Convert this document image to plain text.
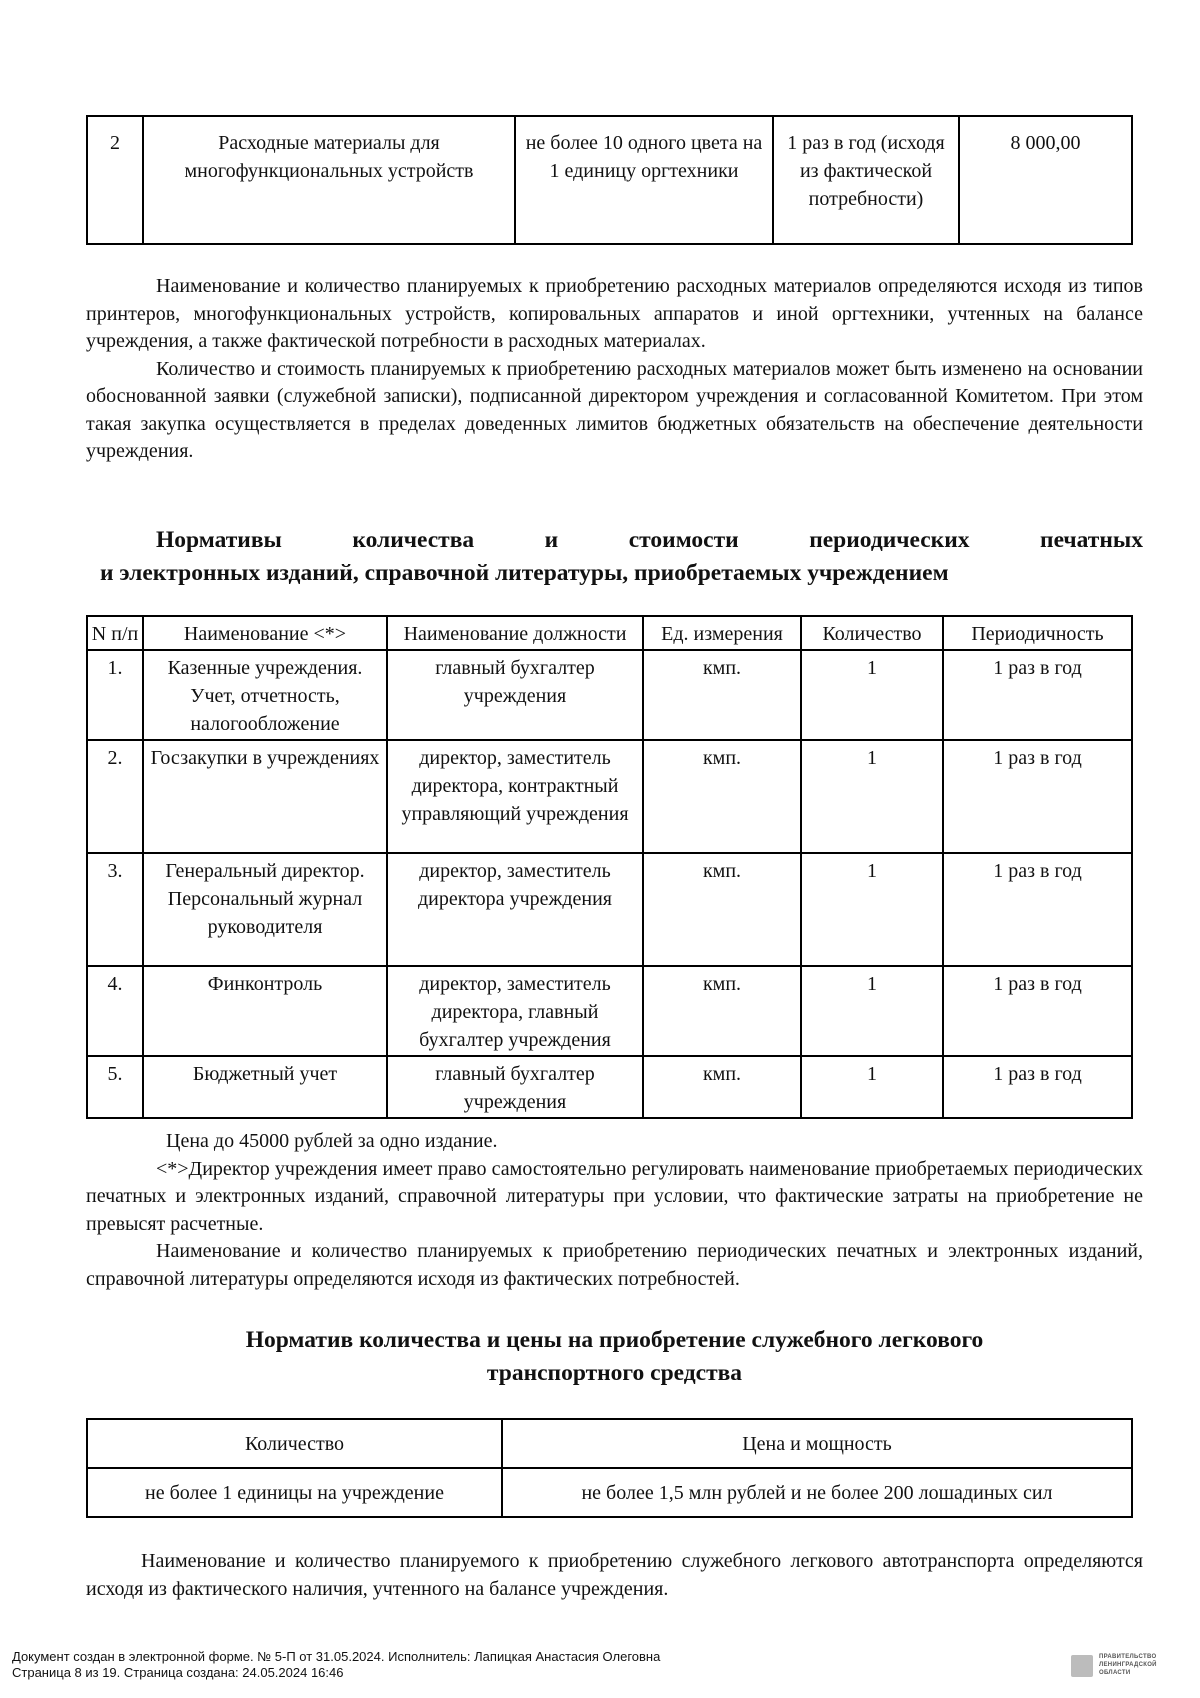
2	Расходные материалы для многофункциональных устройств	не более 10 одного цвета на 1 единицу оргтехники	1 раз в год (исходя из фактической потребности)	8 000,00

Наименование и количество планируемых к приобретению расходных материалов определяются исходя из типов принтеров, многофункциональных устройств, копировальных аппаратов и иной оргтехники, учтенных на балансе учреждения, а также фактической потребности в расходных материалах.

Количество и стоимость планируемых к приобретению расходных материалов может быть изменено на основании обоснованной заявки (служебной записки), подписанной директором учреждения и согласованной Комитетом. При этом такая закупка осуществляется в пределах доведенных лимитов бюджетных обязательств на обеспечение деятельности учреждения.

Нормативы количества и стоимости периодических печатных
и электронных изданий, справочной литературы, приобретаемых учреждением
N п/п	Наименование <*>	Наименование должности	Ед. измерения	Количество	Периодичность
1.	Казенные учреждения. Учет, отчетность, налогообложение	главный бухгалтер учреждения	кмп.	1	1 раз в год
2.	Госзакупки в учреждениях	директор, заместитель директора, контрактный управляющий учреждения	кмп.	1	1 раз в год
3.	Генеральный директор. Персональный журнал руководителя	директор, заместитель директора учреждения	кмп.	1	1 раз в год
4.	Финконтроль	директор, заместитель директора, главный бухгалтер учреждения	кмп.	1	1 раз в год
5.	Бюджетный учет	главный бухгалтер учреждения	кмп.	1	1 раз в год

Цена до 45000 рублей за одно издание.

<*>Директор учреждения имеет право самостоятельно регулировать наименование приобретаемых периодических печатных и электронных изданий, справочной литературы при условии, что фактические затраты на приобретение не превысят расчетные.

Наименование и количество планируемых к приобретению периодических печатных и электронных изданий, справочной литературы определяются исходя из фактических потребностей.

Норматив количества и цены на приобретение служебного легкового
транспортного средства
Количество	Цена и мощность
не более 1 единицы на учреждение	не более 1,5 млн рублей и не более 200 лошадиных сил

Наименование и количество планируемого к приобретению служебного легкового автотранспорта определяются исходя из фактического наличия, учтенного на балансе учреждения.

Документ создан в электронной форме. № 5-П от 31.05.2024. Исполнитель: Лапицкая Анастасия Олеговна
Страница 8 из 19. Страница создана: 24.05.2024 16:46
ПРАВИТЕЛЬСТВО
ЛЕНИНГРАДСКОЙ
ОБЛАСТИ
